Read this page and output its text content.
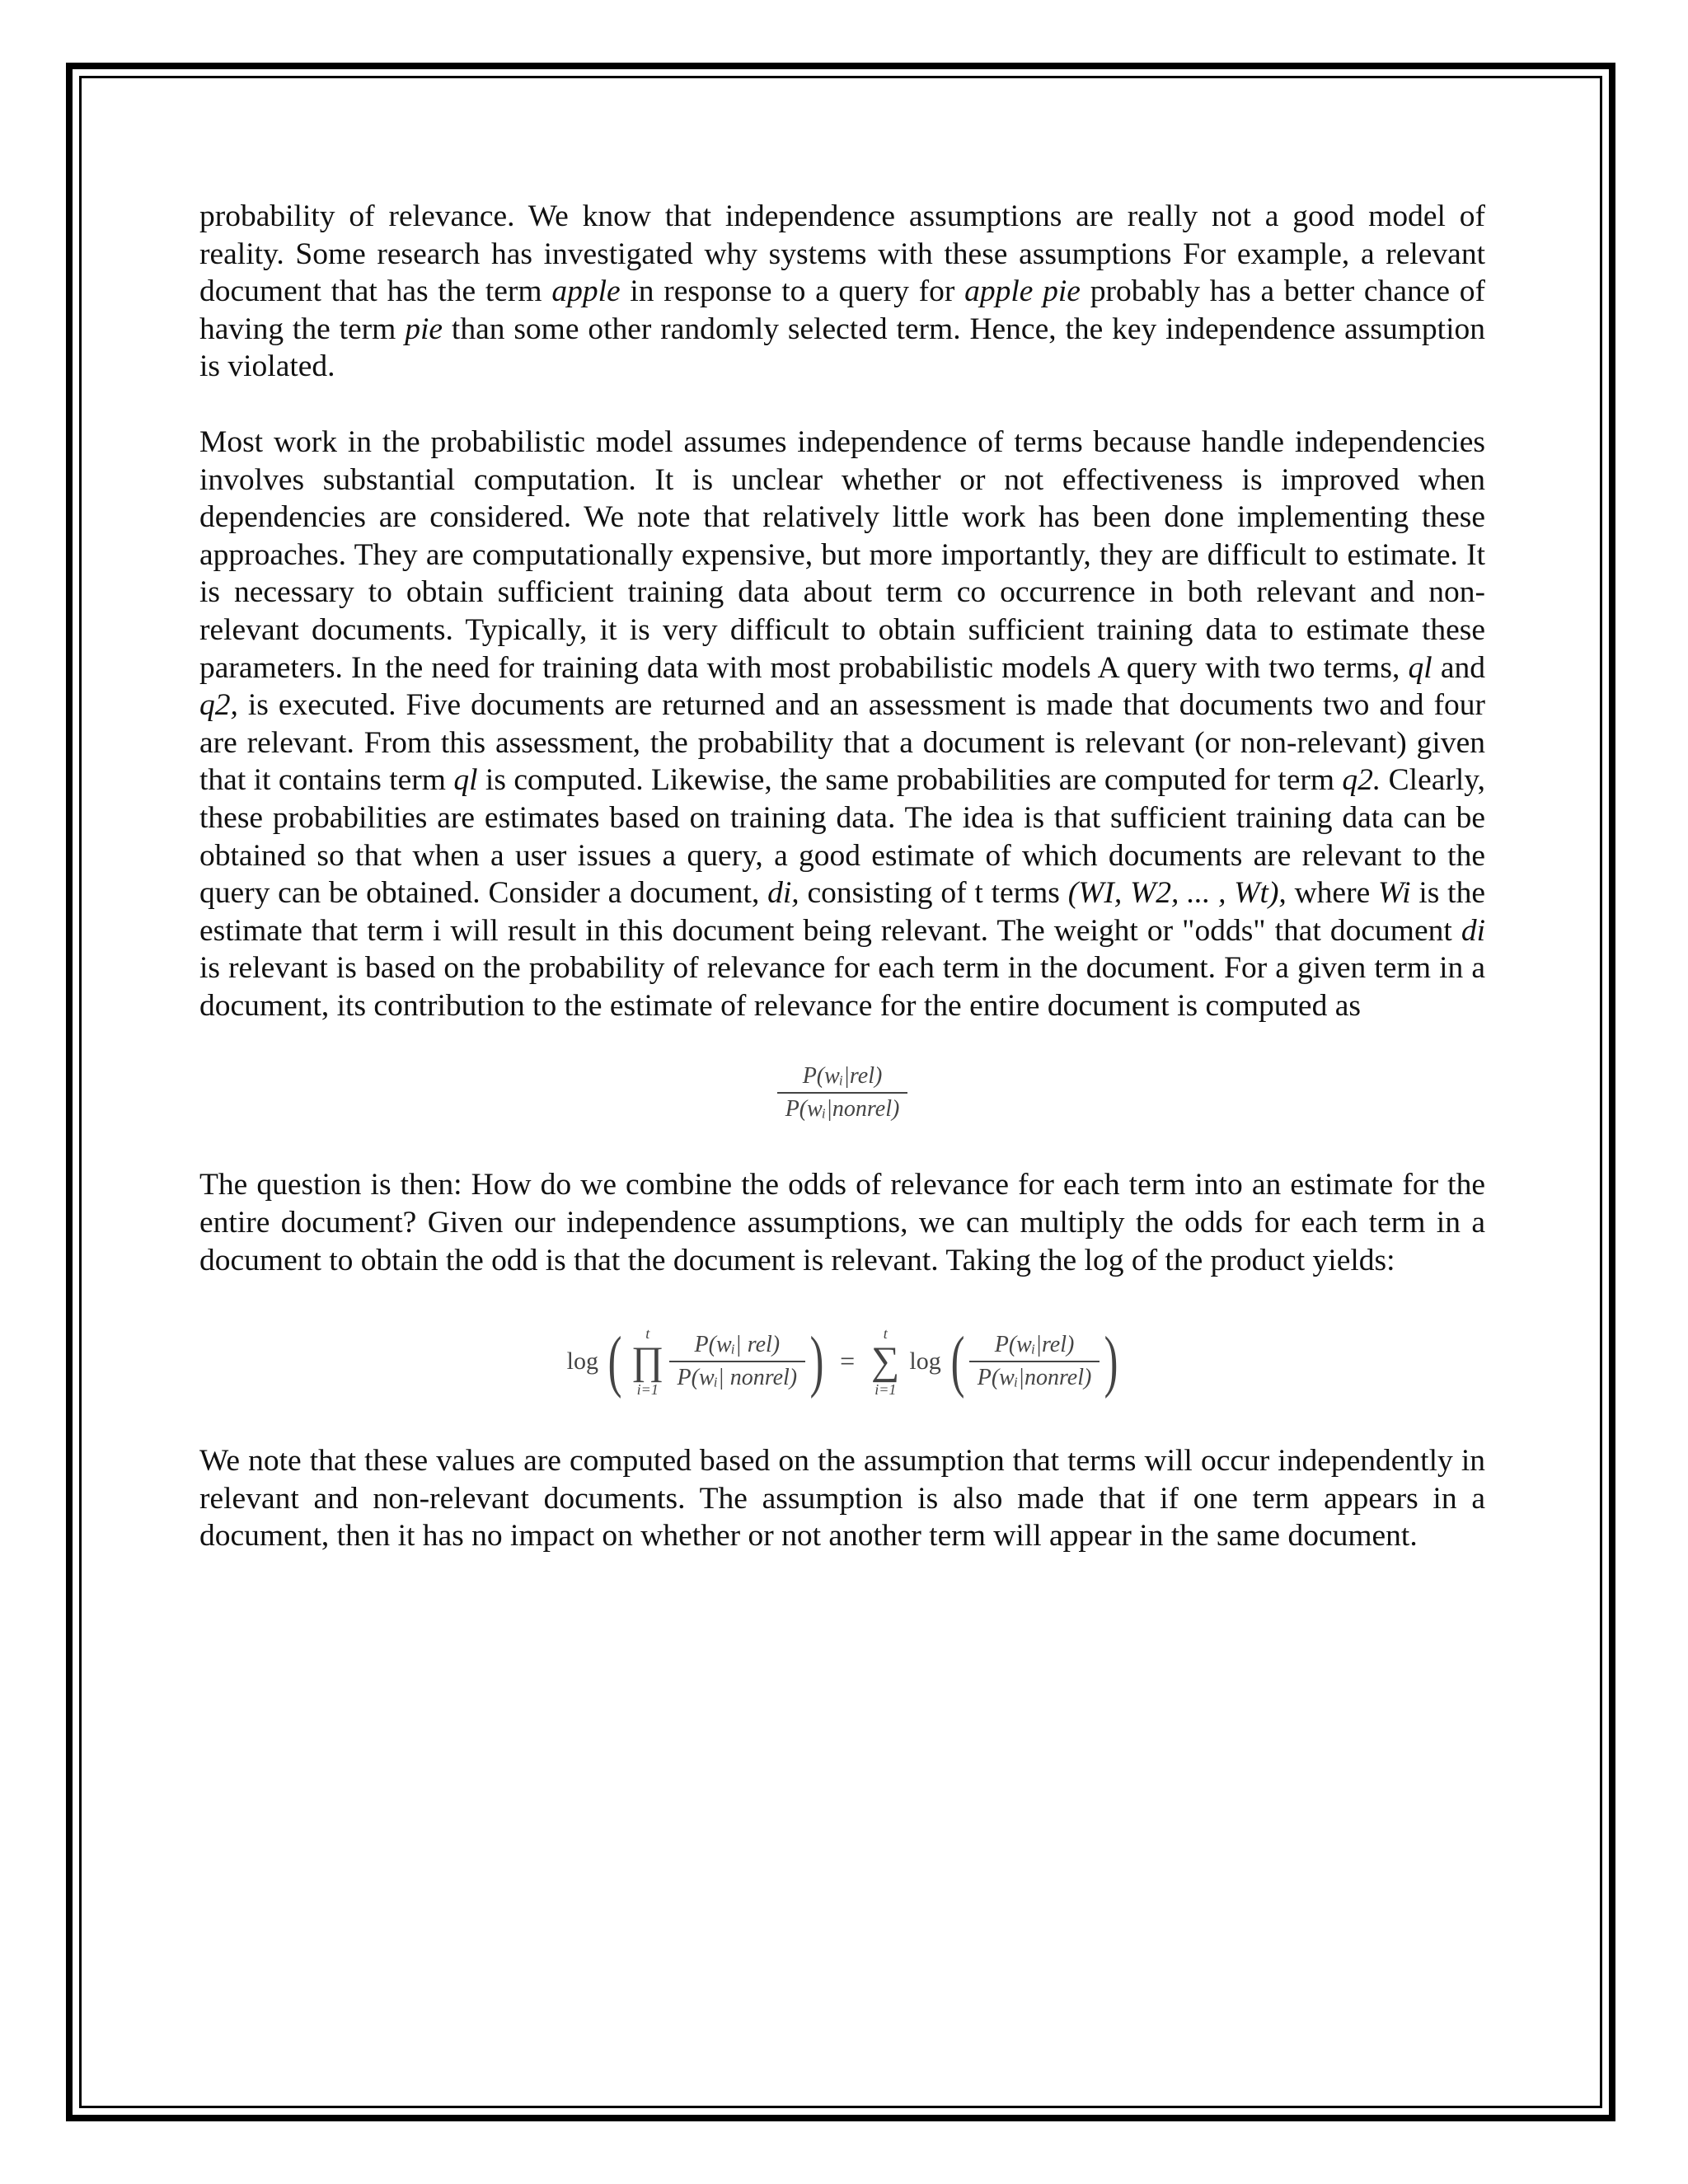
probability of relevance. We know that independence assumptions are really not a good model of reality. Some research has investigated why systems with these assumptions For example, a relevant document that has the term apple in response to a query for apple pie probably has a better chance of having the term pie than some other randomly selected term. Hence, the key independence assumption is violated.

Most work in the probabilistic model assumes independence of terms because handle independencies involves substantial computation. It is unclear whether or not effectiveness is improved when dependencies are considered. We note that relatively little work has been done implementing these approaches. They are computationally expensive, but more importantly, they are difficult to estimate. It is necessary to obtain sufficient training data about term co occurrence in both relevant and non-relevant documents. Typically, it is very difficult to obtain sufficient training data to estimate these parameters. In the need for training data with most probabilistic models A query with two terms, ql and q2, is executed. Five documents are returned and an assessment is made that documents two and four are relevant. From this assessment, the probability that a document is relevant (or non-relevant) given that it contains term ql is computed. Likewise, the same probabilities are computed for term q2. Clearly, these probabilities are estimates based on training data. The idea is that sufficient training data can be obtained so that when a user issues a query, a good estimate of which documents are relevant to the query can be obtained. Consider a document, di, consisting of t terms (WI, W2, ... , Wt), where Wi is the estimate that term i will result in this document being relevant. The weight or "odds" that document di is relevant is based on the probability of relevance for each term in the document. For a given term in a document, its contribution to the estimate of relevance for the entire document is computed as

$\frac{\text{P(wᵢ|rel)}}{\text{P(wᵢ|nonrel)}}$

The question is then: How do we combine the odds of relevance for each term into an estimate for the entire document? Given our independence assumptions, we can multiply the odds for each term in a document to obtain the odd is that the document is relevant. Taking the log of the product yields:

log ( t
∏
$i=1 \frac{\text{P(wᵢ| rel)}}{\text{P(wᵢ| nonrel)}}$ ) =
t
∑
i=1
log ( $\frac{\text{P(wᵢ|rel)}}{\text{P(wᵢ|nonrel)}}$ )

We note that these values are computed based on the assumption that terms will occur independently in relevant and non-relevant documents. The assumption is also made that if one term appears in a document, then it has no impact on whether or not another term will appear in the same document.
